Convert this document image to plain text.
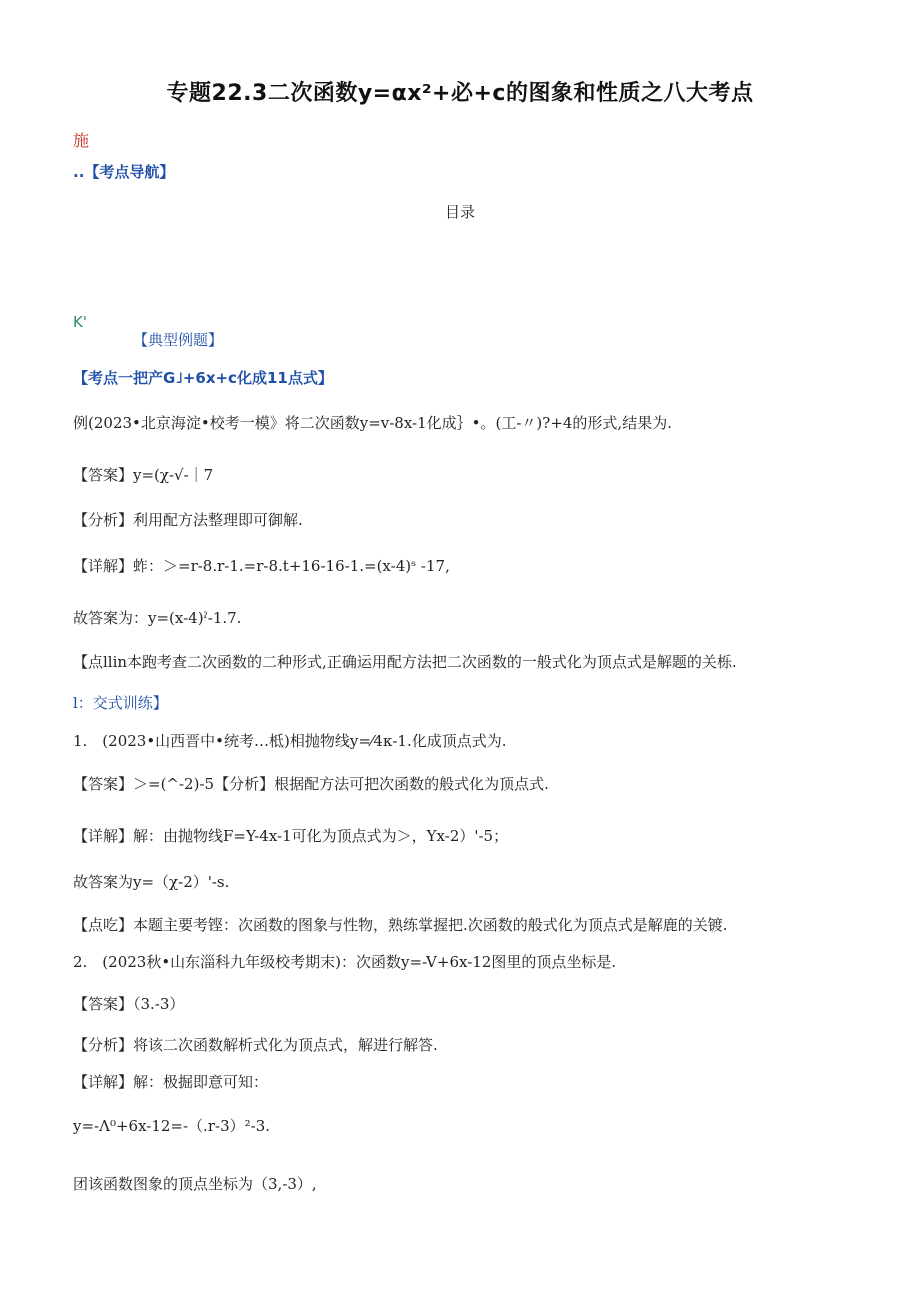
专题22.3二次函数y=αx²+必+c的图象和性质之八大考点
施
..【考点导航】
目录
K'
【典型例题】
【考点一把产G˩+6x+c化成11点式】
例(2023•北京海淀•校考一模》将二次函数y=v-8x-1化成｝•。(工-〃)?+4的形式,结果为.
【答案】y=(χ-√-｜7
【分析】利用配方法整理即可御解.
【详解】蚱：＞=r-8.r-1.=r-8.t+16-16-1.=(x-4)ˢ -17,
故答案为：y=(x-4)ˀ-1.7.
【点llin本跑考查二次函数的二种形式,正确运用配方法把二次函数的一般式化为顶点式是解题的关栎.
l：交式训练】
1.　(2023•山西晋中•统考…柢)相抛物线y=⁄4κ-1.化成顶点式为.
【答案】＞=(^-2)-5【分析】根据配方法可把次函数的般式化为顶点式.
【详解】解：由抛物线F=Y-4x-1可化为顶点式为＞，Yx-2）'-5；
故答案为y=（χ-2）'-s.
【点吃】本题主要考铿：次函数的图象与性物，熟练掌握把.次函数的般式化为顶点式是解鹿的关镀.
2.　(2023秋•山东淄科九年级校考期末)：次函数y=-V+6x-12图里的顶点坐标是.
【答案】（3.-3）
【分析】将该二次函数解析式化为顶点式，解进行解答.
【详解】解：极掘即意可知：
y=-Λ⁰+6x-12=-（.r-3）²-3.
团该函数图象的顶点坐标为（3,-3）,
